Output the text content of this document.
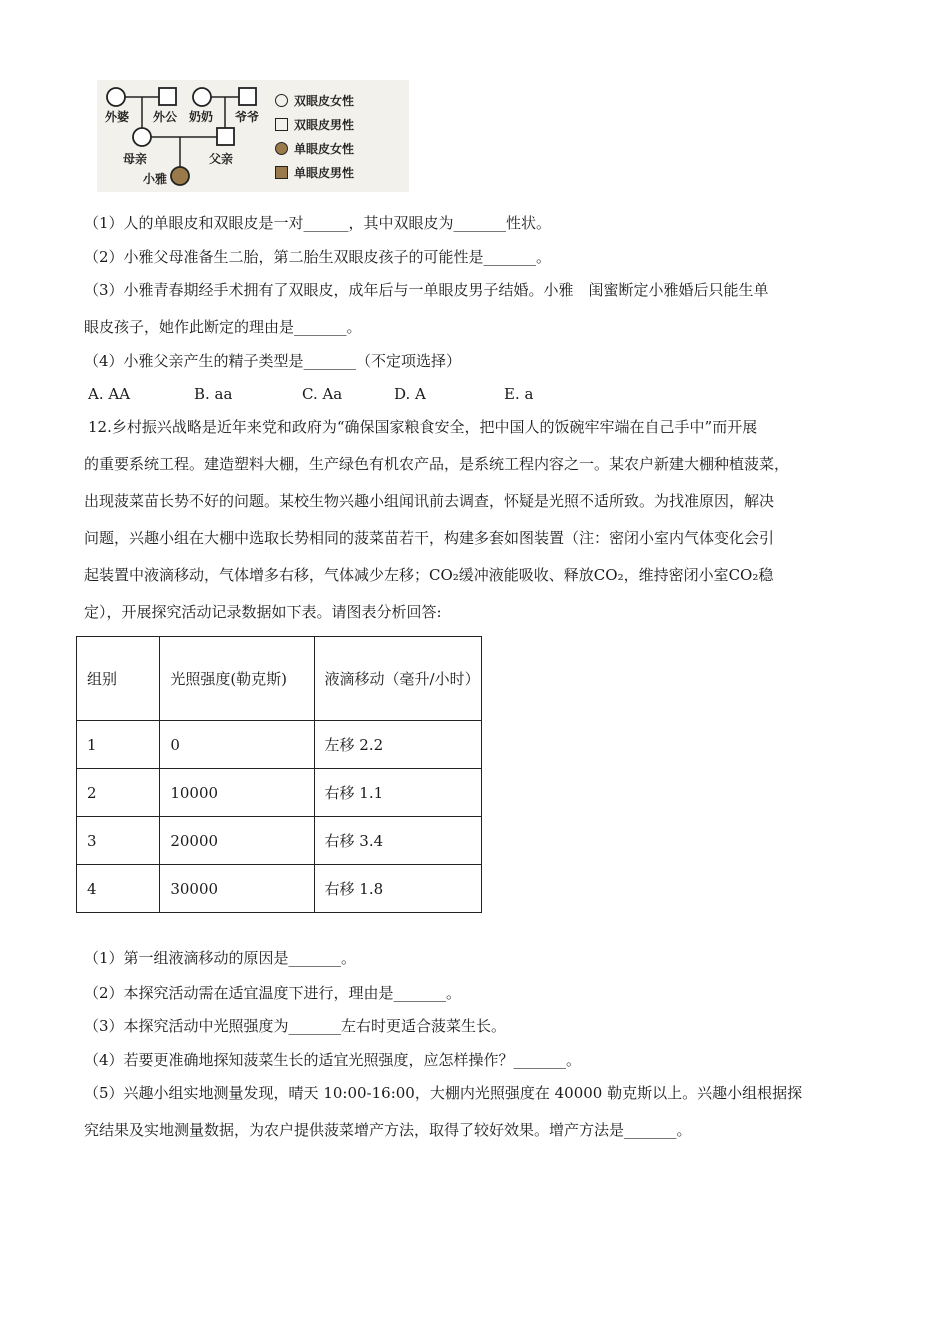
外婆 外公 奶奶 爷爷
母亲	父亲
小雅
双眼皮女性
双眼皮男性
单眼皮女性
单眼皮男性
（1）人的单眼皮和双眼皮是一对______，其中双眼皮为_______性状。
（2）小雅父母准备生二胎，第二胎生双眼皮孩子的可能性是_______。
（3）小雅青春期经手术拥有了双眼皮，成年后与一单眼皮男子结婚。小雅　闺蜜断定小雅婚后只能生单
眼皮孩子，她作此断定的理由是_______。
（4）小雅父亲产生的精子类型是_______（不定项选择）
A. AA	B. aa	C. Aa	D. A	E. a
12.乡村振兴战略是近年来党和政府为“确保国家粮食安全，把中国人的饭碗牢牢端在自己手中”而开展
的重要系统工程。建造塑料大棚，生产绿色有机农产品，是系统工程内容之一。某农户新建大棚种植菠菜，
出现菠菜苗长势不好的问题。某校生物兴趣小组闻讯前去调查，怀疑是光照不适所致。为找准原因，解决
问题，兴趣小组在大棚中选取长势相同的菠菜苗若干，构建多套如图装置（注：密闭小室内气体变化会引
起装置中液滴移动，气体增多右移，气体减少左移；CO₂缓冲液能吸收、释放CO₂，维持密闭小室CO₂稳
定），开展探究活动记录数据如下表。请图表分析回答:
组别	光照强度(勒克斯)	液滴移动（毫升/小时）
1	0	左移 2.2
2	10000	右移 1.1
3	20000	右移 3.4
4	30000	右移 1.8
（1）第一组液滴移动的原因是_______。
（2）本探究活动需在适宜温度下进行，理由是_______。
（3）本探究活动中光照强度为_______左右时更适合菠菜生长。
（4）若要更准确地探知菠菜生长的适宜光照强度，应怎样操作？_______。
（5）兴趣小组实地测量发现，晴天 10:00-16:00，大棚内光照强度在 40000 勒克斯以上。兴趣小组根据探
究结果及实地测量数据，为农户提供菠菜增产方法，取得了较好效果。增产方法是_______。
